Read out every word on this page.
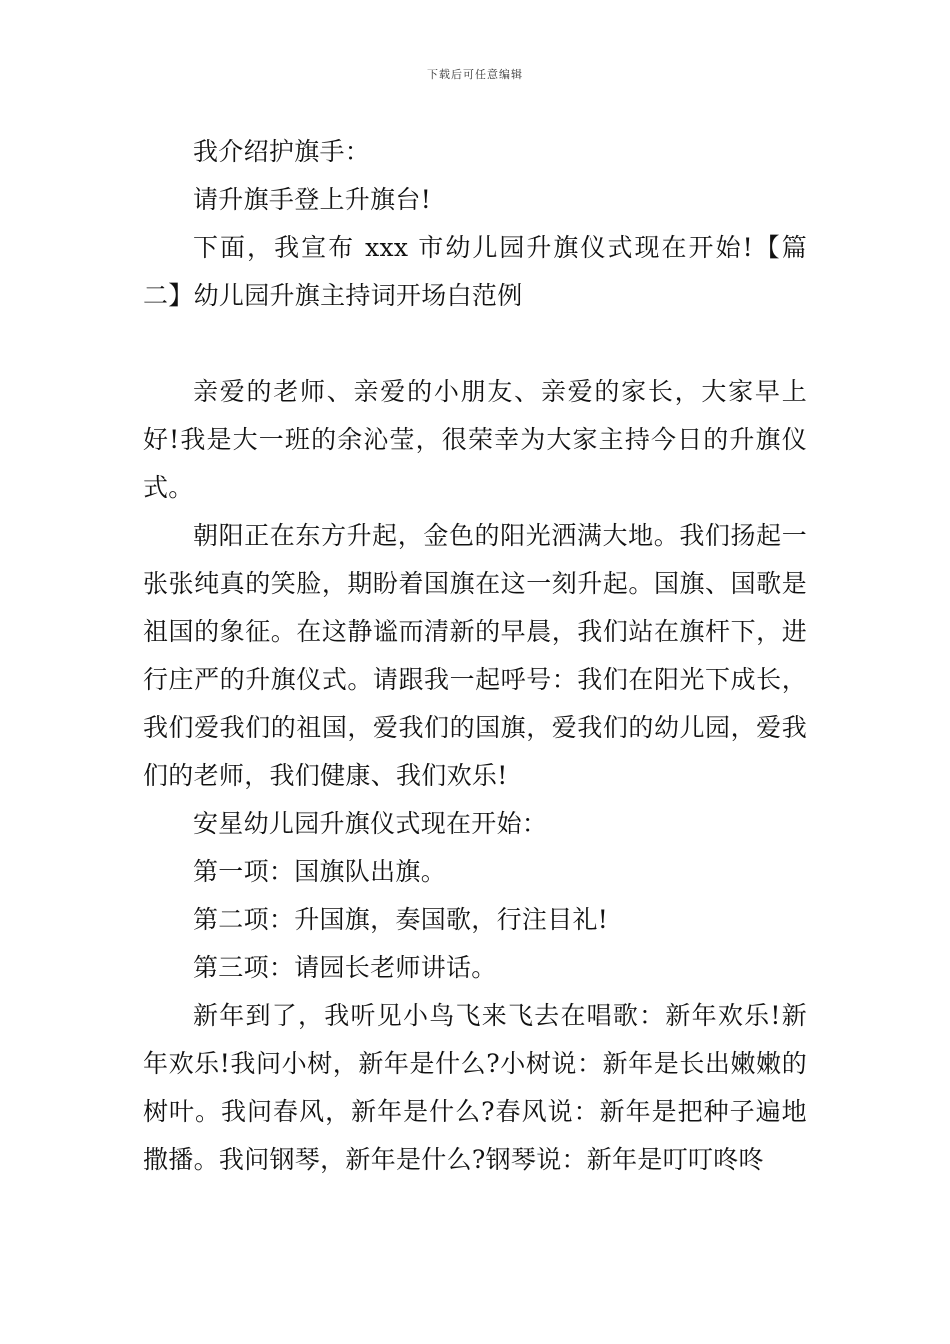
下载后可任意编辑

我介绍护旗手：

请升旗手登上升旗台!

下面，我宣布 xxx 市幼儿园升旗仪式现在开始!【篇二】幼儿园升旗主持词开场白范例

亲爱的老师、亲爱的小朋友、亲爱的家长，大家早上好!我是大一班的余沁莹，很荣幸为大家主持今日的升旗仪式。

朝阳正在东方升起，金色的阳光洒满大地。我们扬起一张张纯真的笑脸，期盼着国旗在这一刻升起。国旗、国歌是祖国的象征。在这静谧而清新的早晨，我们站在旗杆下，进行庄严的升旗仪式。请跟我一起呼号：我们在阳光下成长，我们爱我们的祖国，爱我们的国旗，爱我们的幼儿园，爱我们的老师，我们健康、我们欢乐!

安星幼儿园升旗仪式现在开始：

第一项：国旗队出旗。

第二项：升国旗，奏国歌，行注目礼!

第三项：请园长老师讲话。

新年到了，我听见小鸟飞来飞去在唱歌：新年欢乐!新年欢乐!我问小树，新年是什么?小树说：新年是长出嫩嫩的树叶。我问春风，新年是什么?春风说：新年是把种子遍地撒播。我问钢琴，新年是什么?钢琴说：新年是叮叮咚咚
